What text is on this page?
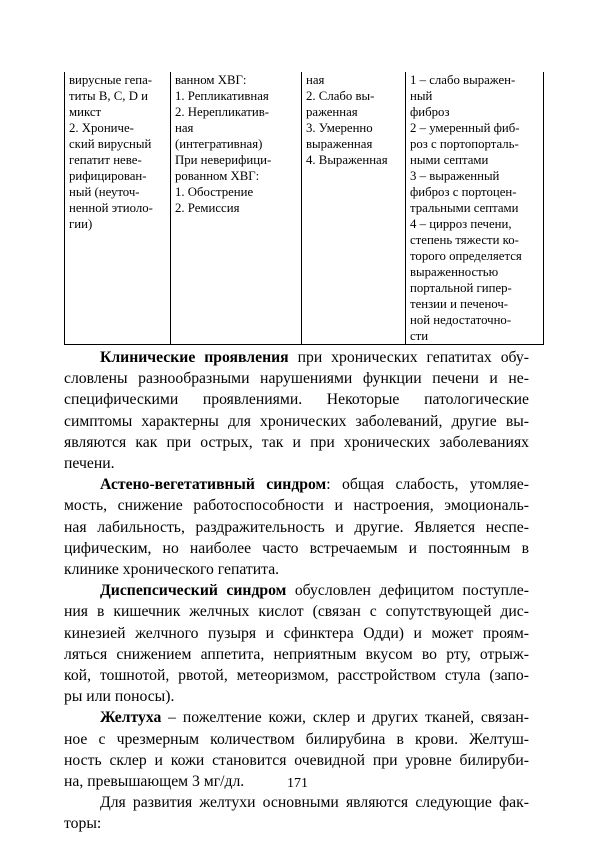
вирусные гепа-
титы В, С, D и
микст
2. Хрониче-
ский вирусный
гепатит невe-
рифицирован-
ный (неуточ-
ненной этиоло-
гии)

ванном ХВГ:
1. Репликативная
2. Нерепликатив-
ная
(интегративная)
При неверифици-
рованном ХВГ:
1. Обострение
2. Ремиссия

ная
2. Слабо вы-
раженная
3. Умеренно
выраженная
4. Выраженная

1 – слабо выражен-
ный
фиброз
2 – умеренный фиб-
роз с портопорталь-
ными септами
3 – выраженный
фиброз с портоцен-
тральными септами
4 – цирроз печени,
степень тяжести ко-
торого определяется
выраженностью
портальной гипер-
тензии и печеноч-
ной недостаточно-
сти
Клинические проявления при хронических гепатитах обу-
словлены разнообразными нарушениями функции печени и не-
специфическими проявлениями. Некоторые патологические
симптомы характерны для хронических заболеваний, другие вы-
являются как при острых, так и при хронических заболеваниях
печени.
Астено-вегетативный синдром: общая слабость, утомляе-
мость, снижение работоспособности и настроения, эмоциональ-
ная лабильность, раздражительность и другие. Является неспе-
цифическим, но наиболее часто встречаемым и постоянным в
клинике хронического гепатита.
Диспепсический синдром обусловлен дефицитом поступле-
ния в кишечник желчных кислот (связан с сопутствующей дис-
кинезией желчного пузыря и сфинктера Одди) и может проям-
ляться снижением аппетита, неприятным вкусом во рту, отрыж-
кой, тошнотой, рвотой, метеоризмом, расстройством стула (запо-
ры или поносы).
Желтуха – пожелтение кожи, склер и других тканей, связан-
ное с чрезмерным количеством билирубина в крови. Желтуш-
ность склер и кожи становится очевидной при уровне билируби-
на, превышающем 3 мг/дл.
Для развития желтухи основными являются следующие фак-
торы:
171
